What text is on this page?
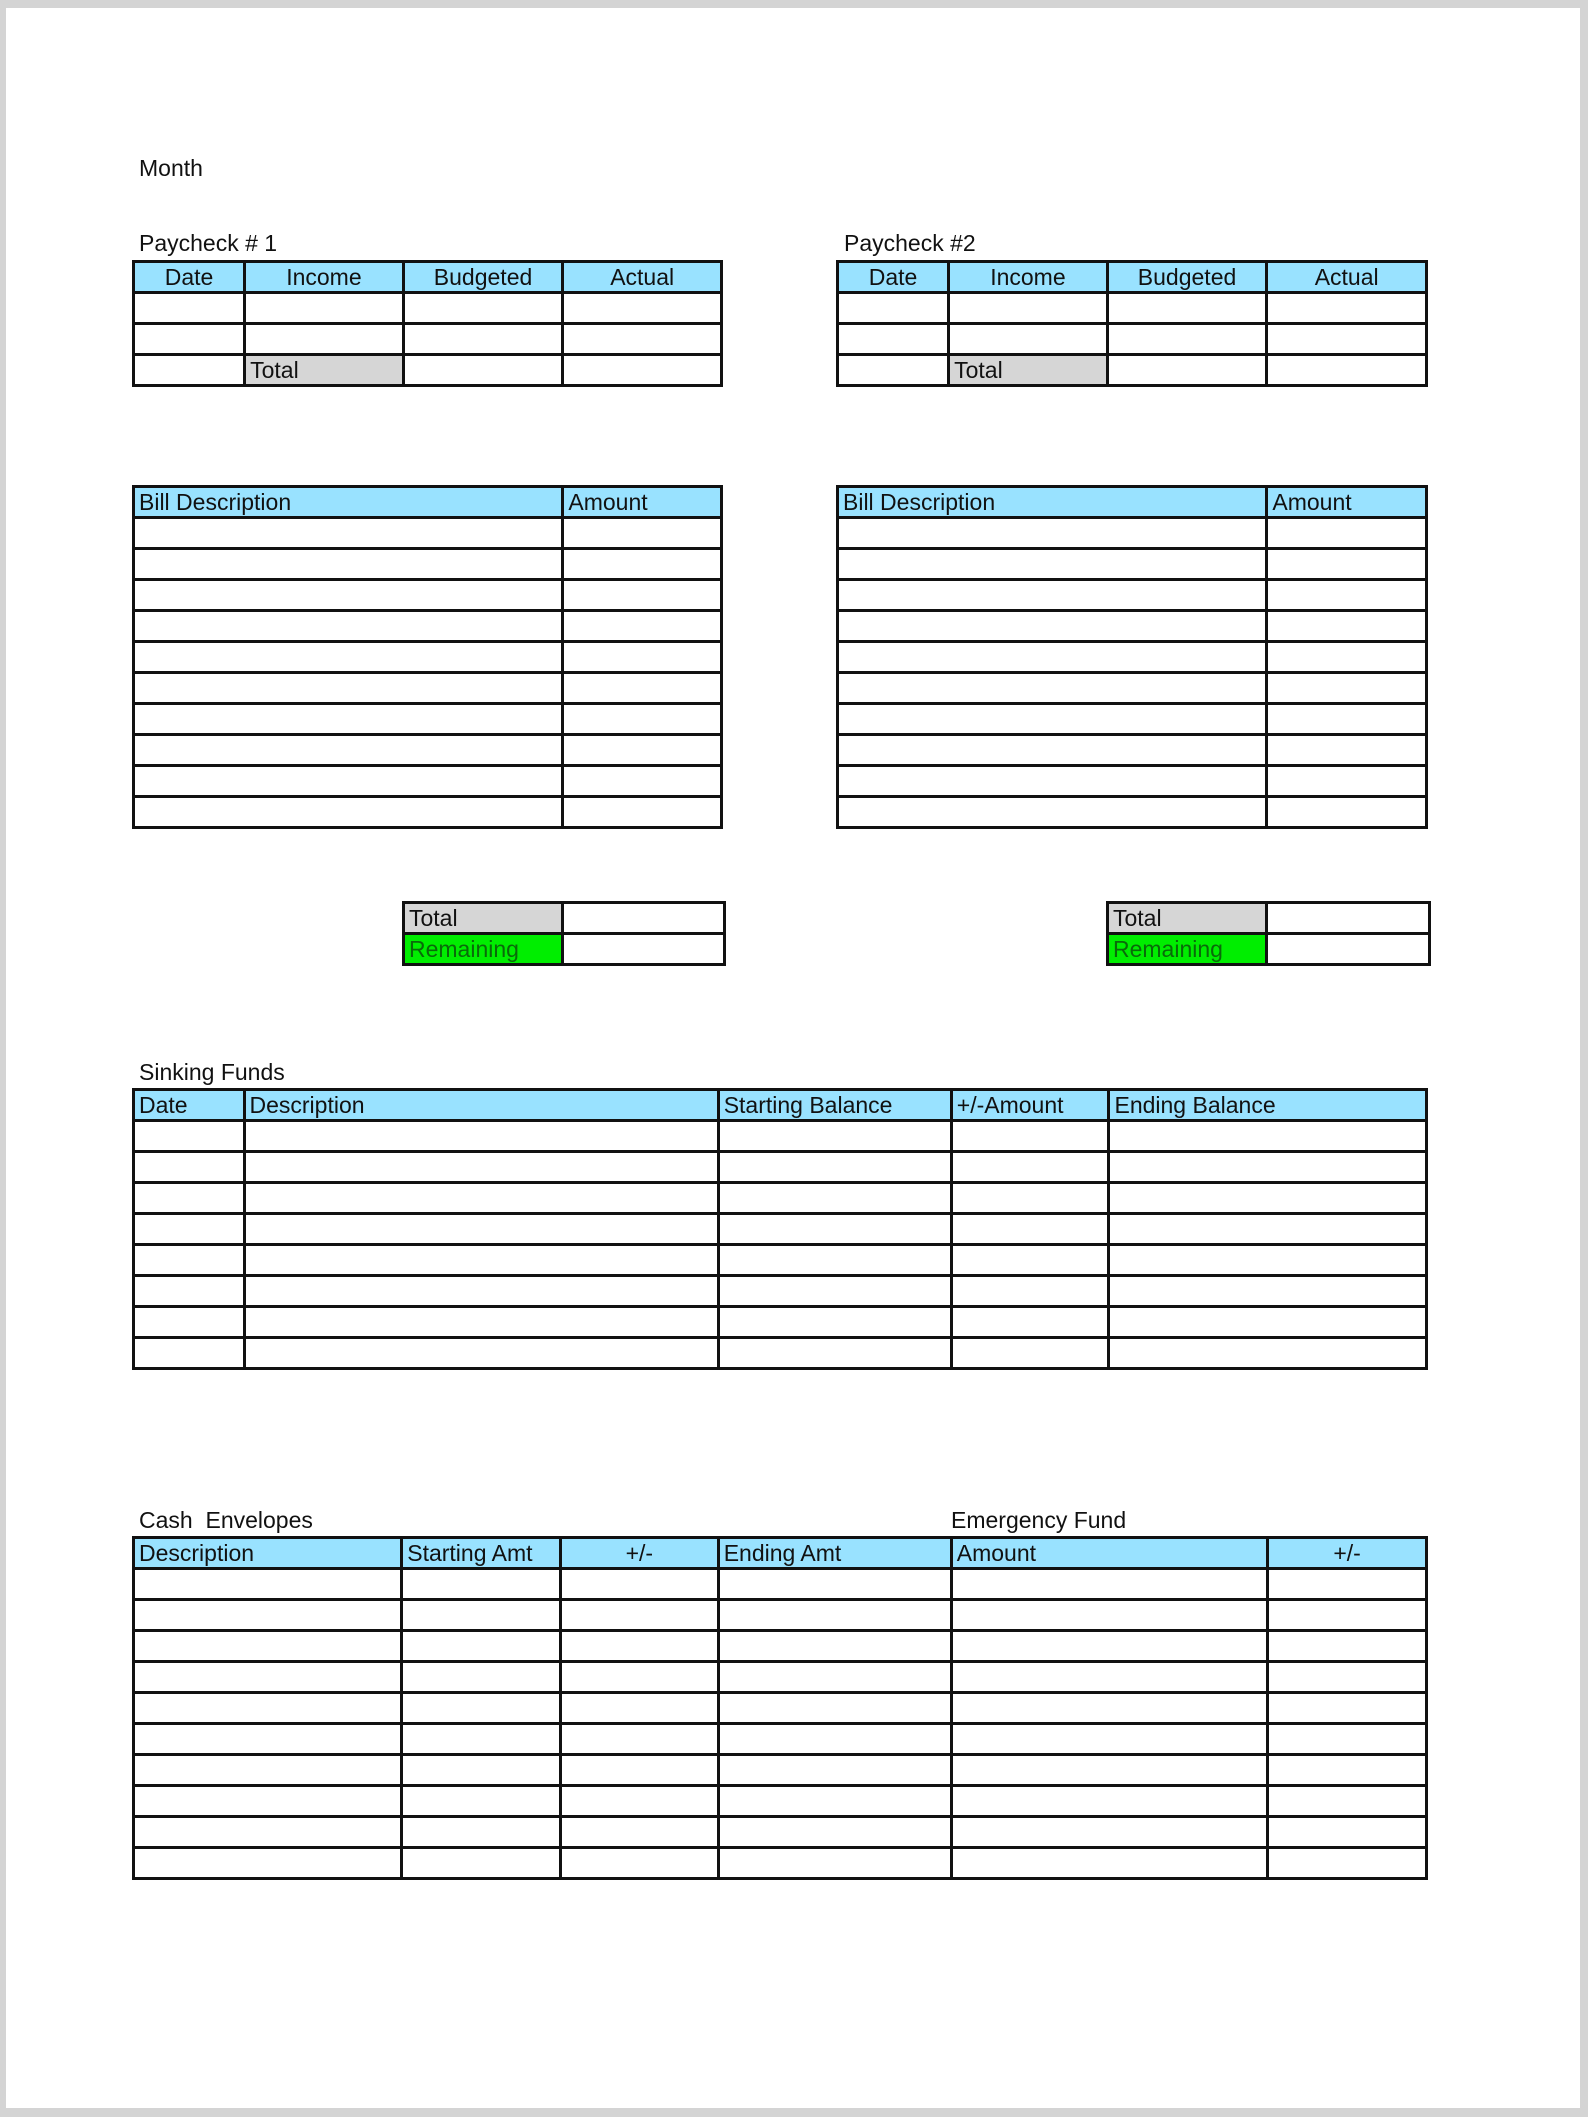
Month
Paycheck # 1
Date	Income	Budgeted	Actual

	Total		
Paycheck #2
Date	Income	Budgeted	Actual

	Total		
Bill Description	Amount

Total	
Remaining	
Bill Description	Amount

Total	
Remaining	
Sinking Funds
Date	Description	Starting Balance	+/-Amount	Ending Balance

Cash  Envelopes	Emergency Fund
Description	Starting Amt	+/-	Ending Amt	Amount	+/-
